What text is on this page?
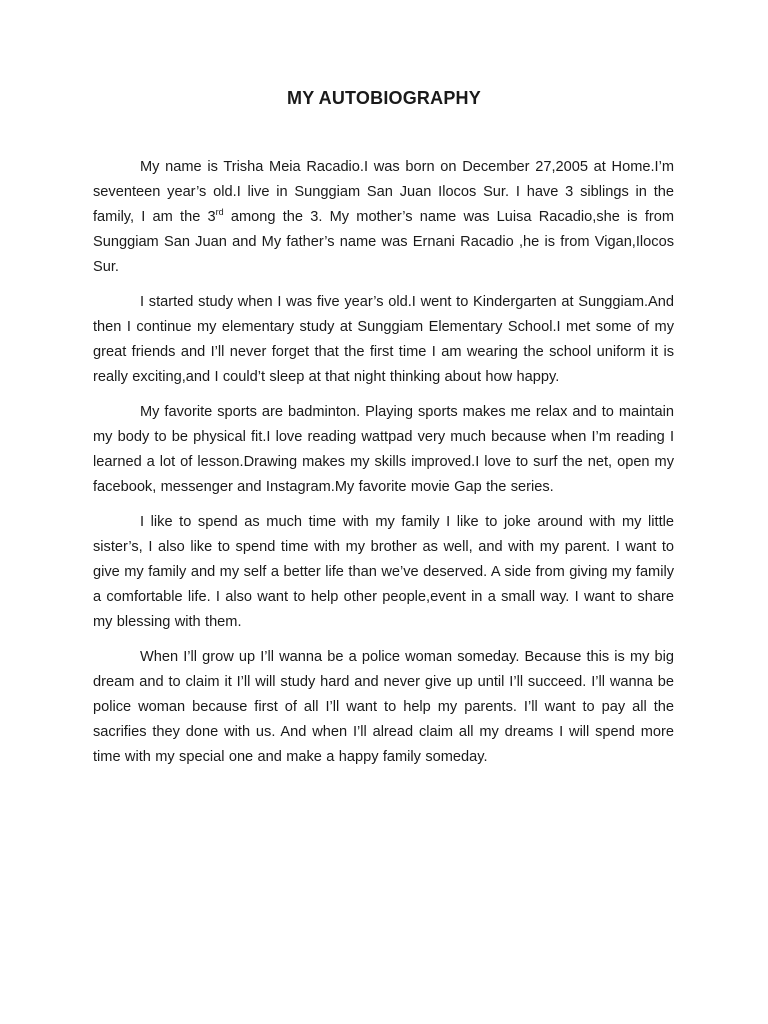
MY AUTOBIOGRAPHY

My name is Trisha Meia Racadio.I was born on December 27,2005 at Home.I’m seventeen year’s old.I live in Sunggiam San Juan Ilocos Sur. I have 3 siblings in the family, I am the 3rd among the 3. My mother’s name was Luisa Racadio,she is from Sunggiam San Juan and My father’s name was Ernani Racadio ,he is from Vigan,Ilocos Sur.

I started study when I was five year’s old.I went to Kindergarten at Sunggiam.And then I continue my elementary study at Sunggiam Elementary School.I met some of my great friends and I’ll never forget that the first time I am wearing the school uniform it is really exciting,and I could’t sleep at that night thinking about how happy.

My favorite sports are badminton. Playing sports makes me relax and to maintain my body to be physical fit.I love reading wattpad very much because when I’m reading I learned a lot of lesson.Drawing makes my skills improved.I love to surf the net, open my facebook, messenger and Instagram.My favorite movie Gap the series.

I like to spend as much time with my family I like to joke around with my little sister’s, I also like to spend time with my brother as well, and with my parent. I want to give my family and my self a better life than we’ve deserved. A side from giving my family a comfortable life. I also want to help other people,event in a small way. I want to share my blessing with them.

When I’ll grow up I’ll wanna be a police woman someday. Because this is my big dream and to claim it I’ll will study hard and never give up until I’ll succeed. I’ll wanna be police woman because first of all I’ll want to help my parents. I’ll want to pay all the sacrifies they done with us. And when I’ll alread claim all my dreams I will spend more time with my special one and make a happy family someday.
